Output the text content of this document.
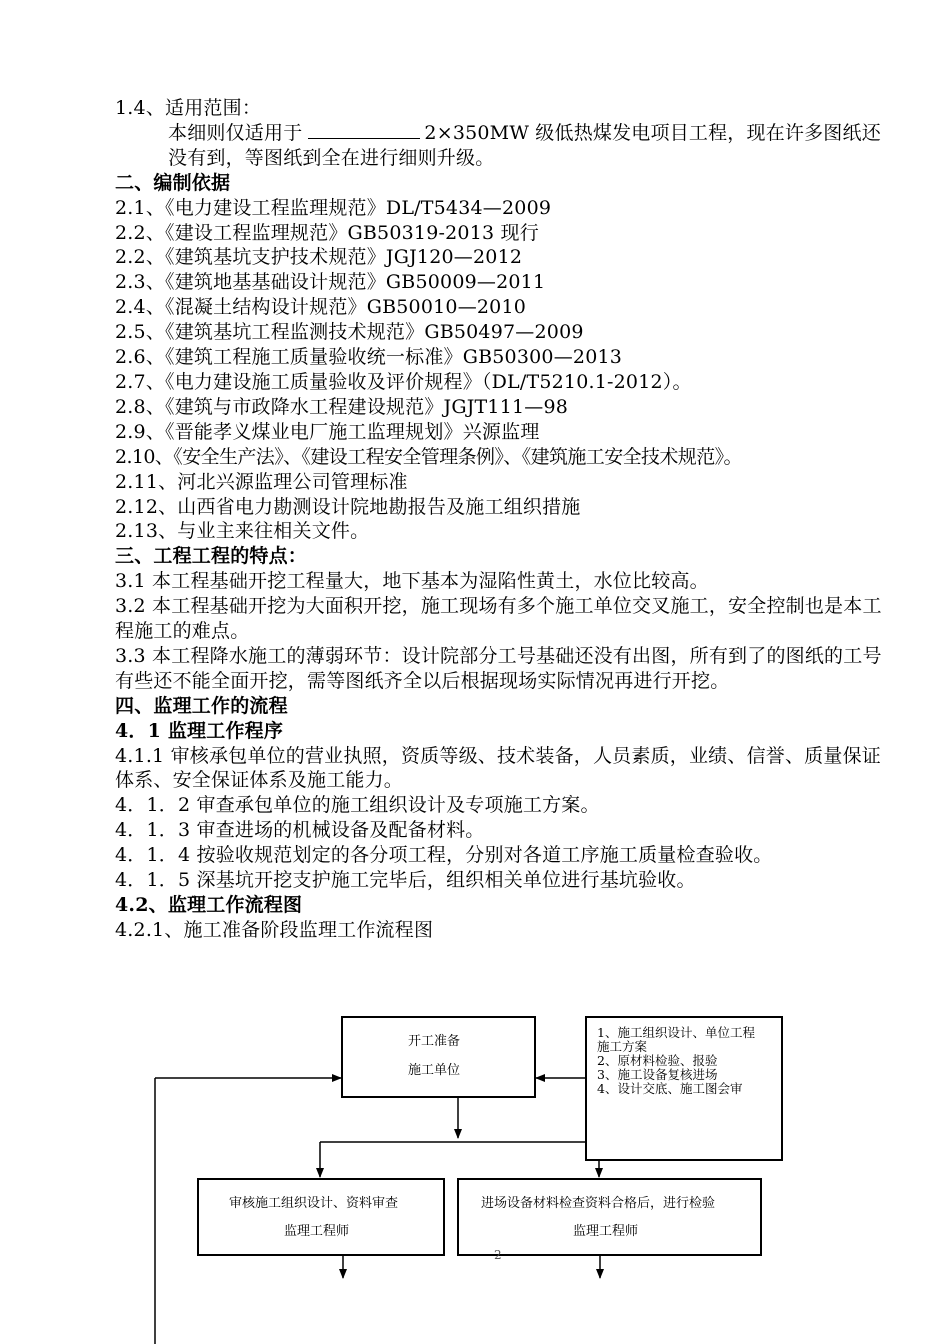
1.4、适用范围：
本细则仅适用于	2×350MW 级低热煤发电项目工程，现在许多图纸还没有到，等图纸到全在进行细则升级。
二、编制依据
2.1、《电力建设工程监理规范》DL/T5434—2009
2.2、《建设工程监理规范》GB50319-2013 现行
2.2、《建筑基坑支护技术规范》JGJ120—2012
2.3、《建筑地基基础设计规范》GB50009—2011
2.4、《混凝土结构设计规范》GB50010—2010
2.5、《建筑基坑工程监测技术规范》GB50497—2009
2.6、《建筑工程施工质量验收统一标准》GB50300—2013
2.7、《电力建设施工质量验收及评价规程》（DL/T5210.1-2012）。
2.8、《建筑与市政降水工程建设规范》JGJT111—98
2.9、《晋能孝义煤业电厂施工监理规划》兴源监理
2.10、《安全生产法》、《建设工程安全管理条例》、《建筑施工安全技术规范》。
2.11、河北兴源监理公司管理标准
2.12、山西省电力勘测设计院地勘报告及施工组织措施
2.13、与业主来往相关文件。
三、工程工程的特点：
3.1 本工程基础开挖工程量大，地下基本为湿陷性黄土，水位比较高。
3.2 本工程基础开挖为大面积开挖，施工现场有多个施工单位交叉施工，安全控制也是本工程施工的难点。
3.3 本工程降水施工的薄弱环节：设计院部分工号基础还没有出图，所有到了的图纸的工号有些还不能全面开挖，需等图纸齐全以后根据现场实际情况再进行开挖。
四、监理工作的流程
4．1 监理工作程序
4.1.1 审核承包单位的营业执照，资质等级、技术装备，人员素质，业绩、信誉、质量保证体系、安全保证体系及施工能力。
4．1．2 审查承包单位的施工组织设计及专项施工方案。
4．1．3 审查进场的机械设备及配备材料。
4．1．4 按验收规范划定的各分项工程，分别对各道工序施工质量检查验收。
4．1．5 深基坑开挖支护施工完毕后，组织相关单位进行基坑验收。
4.2、监理工作流程图
4.2.1、施工准备阶段监理工作流程图
开工准备
施工单位
1、施工组织设计、单位工程
施工方案
2、原材料检验、报验
3、施工设备复核进场
4、设计交底、施工图会审
审核施工组织设计、资料审查
监理工程师
进场设备材料检查资料合格后，进行检验
监理工程师
2
